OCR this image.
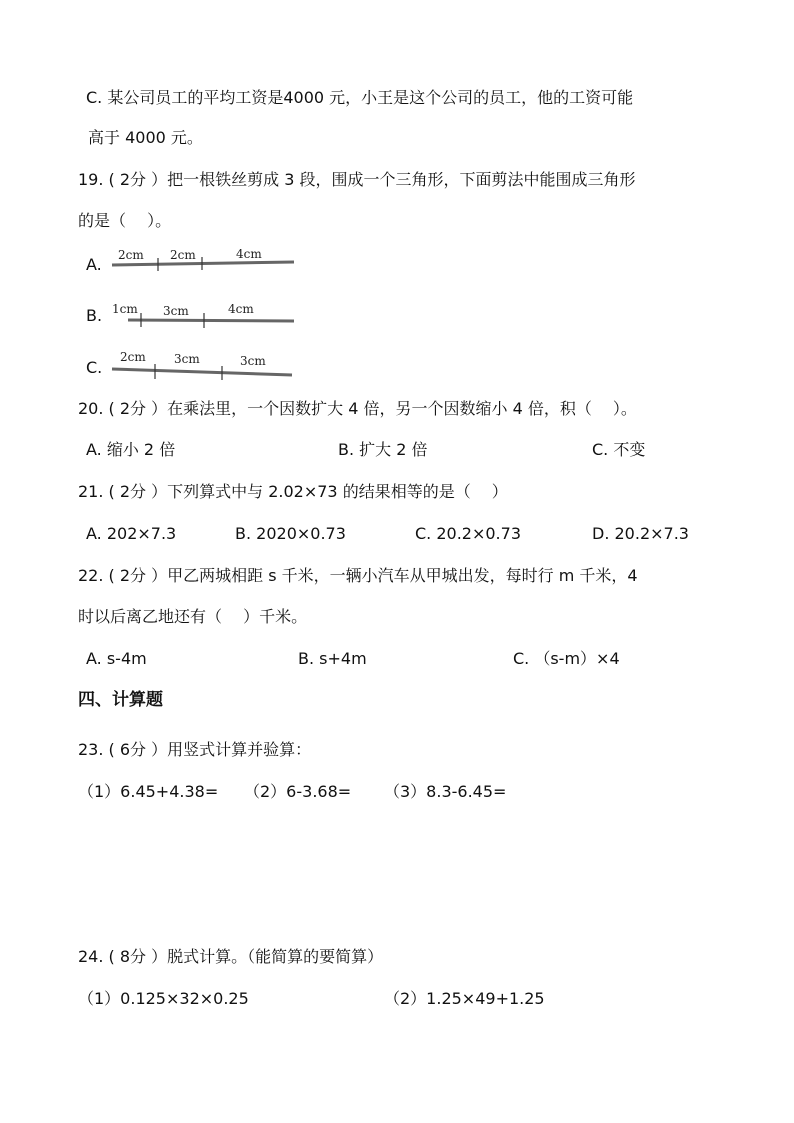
C. 某公司员工的平均工资是4000 元，小王是这个公司的员工，他的工资可能
高于 4000 元。
19. ( 2分 ）把一根铁丝剪成 3 段，围成一个三角形，下面剪法中能围成三角形
的是（　 ）。
A. 2cm 2cm	4cm
B. 1cm 3cm	4cm
C.
2cm 3cm	3cm
20. ( 2分 ）在乘法里，一个因数扩大 4 倍，另一个因数缩小 4 倍，积（　 ）。
A. 缩小 2 倍	B. 扩大 2 倍	C. 不变
21. ( 2分 ）下列算式中与 2.02×73 的结果相等的是（　 ）
A. 202×7.3	B. 2020×0.73	C. 20.2×0.73	D. 20.2×7.3
22. ( 2分 ）甲乙两城相距 s 千米，一辆小汽车从甲城出发，每时行 m 千米，4
时以后离乙地还有（　 ）千米。
A. s-4m	B. s+4m	C. （s-m）×4
四、计算题
23. ( 6分 ）用竖式计算并验算：
（1）6.45+4.38= （2）6-3.68= （3）8.3-6.45=
24. ( 8分 ）脱式计算。（能简算的要简算）
（1）0.125×32×0.25	（2）1.25×49+1.25
